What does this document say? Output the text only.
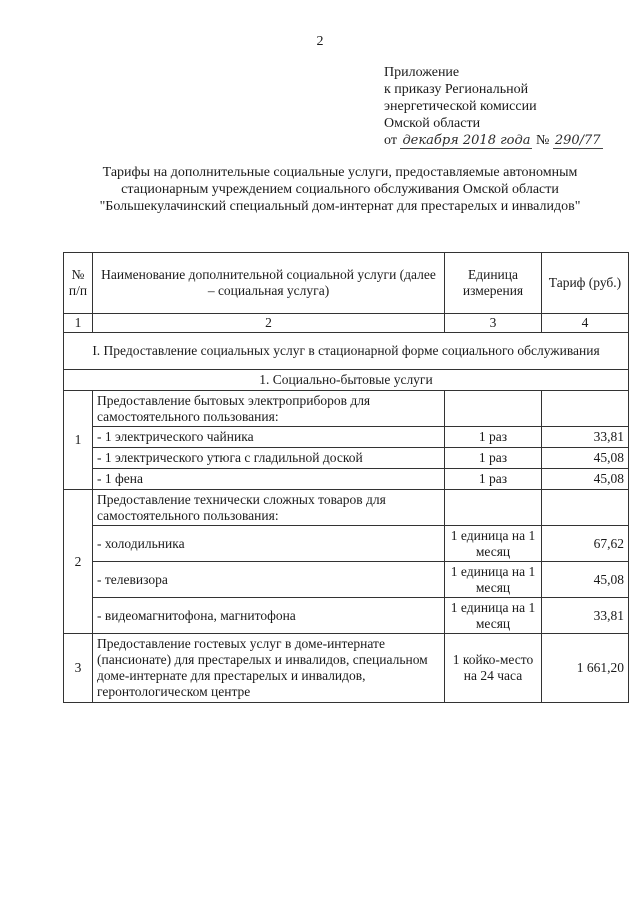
2
Приложение
к приказу Региональной
энергетической комиссии
Омской области
от декабря 2018 года № 290/77
Тарифы на дополнительные социальные услуги, предоставляемые автономным стационарным учреждением социального обслуживания Омской области "Большекулачинский специальный дом-интернат для престарелых и инвалидов"
№ п/п	Наименование дополнительной социальной услуги (далее – социальная услуга)	Единица измерения	Тариф (руб.)
1	2	3	4
I. Предоставление социальных услуг в стационарной форме социального обслуживания			
1. Социально-бытовые услуги			
1	Предоставление бытовых электроприборов для самостоятельного пользования:		
	- 1 электрического чайника	1 раз	33,81
	- 1 электрического утюга с гладильной доской	1 раз	45,08
	- 1 фена	1 раз	45,08
2	Предоставление технически сложных товаров для самостоятельного пользования:		
	- холодильника	1 единица на 1 месяц	67,62
	- телевизора	1 единица на 1 месяц	45,08
	- видеомагнитофона, магнитофона	1 единица на 1 месяц	33,81
3	Предоставление гостевых услуг в доме-интернате (пансионате) для престарелых и инвалидов, специальном доме-интернате для престарелых и инвалидов, геронтологическом центре	1 койко-место на 24 часа	1 661,20
